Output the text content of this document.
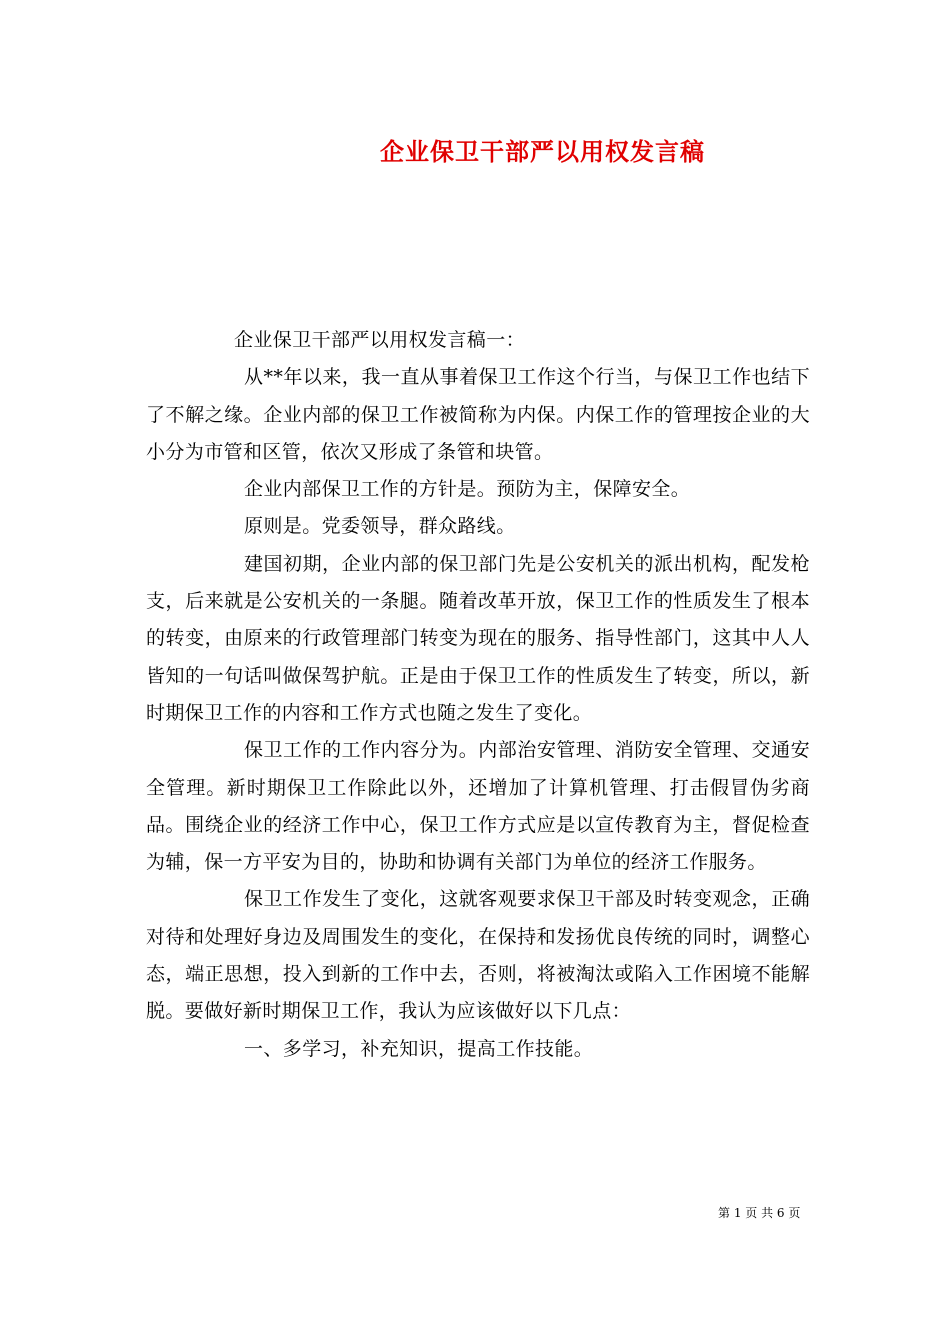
企业保卫干部严以用权发言稿

企业保卫干部严以用权发言稿一：

从**年以来，我一直从事着保卫工作这个行当，与保卫工作也结下了不解之缘。企业内部的保卫工作被简称为内保。内保工作的管理按企业的大小分为市管和区管，依次又形成了条管和块管。

企业内部保卫工作的方针是。预防为主，保障安全。

原则是。党委领导，群众路线。

建国初期，企业内部的保卫部门先是公安机关的派出机构，配发枪支，后来就是公安机关的一条腿。随着改革开放，保卫工作的性质发生了根本的转变，由原来的行政管理部门转变为现在的服务、指导性部门，这其中人人皆知的一句话叫做保驾护航。正是由于保卫工作的性质发生了转变，所以，新时期保卫工作的内容和工作方式也随之发生了变化。

保卫工作的工作内容分为。内部治安管理、消防安全管理、交通安全管理。新时期保卫工作除此以外，还增加了计算机管理、打击假冒伪劣商品。围绕企业的经济工作中心，保卫工作方式应是以宣传教育为主，督促检查为辅，保一方平安为目的，协助和协调有关部门为单位的经济工作服务。

保卫工作发生了变化，这就客观要求保卫干部及时转变观念，正确对待和处理好身边及周围发生的变化，在保持和发扬优良传统的同时，调整心态，端正思想，投入到新的工作中去，否则，将被淘汰或陷入工作困境不能解脱。要做好新时期保卫工作，我认为应该做好以下几点：

一、多学习，补充知识，提高工作技能。

第 1 页 共 6 页
